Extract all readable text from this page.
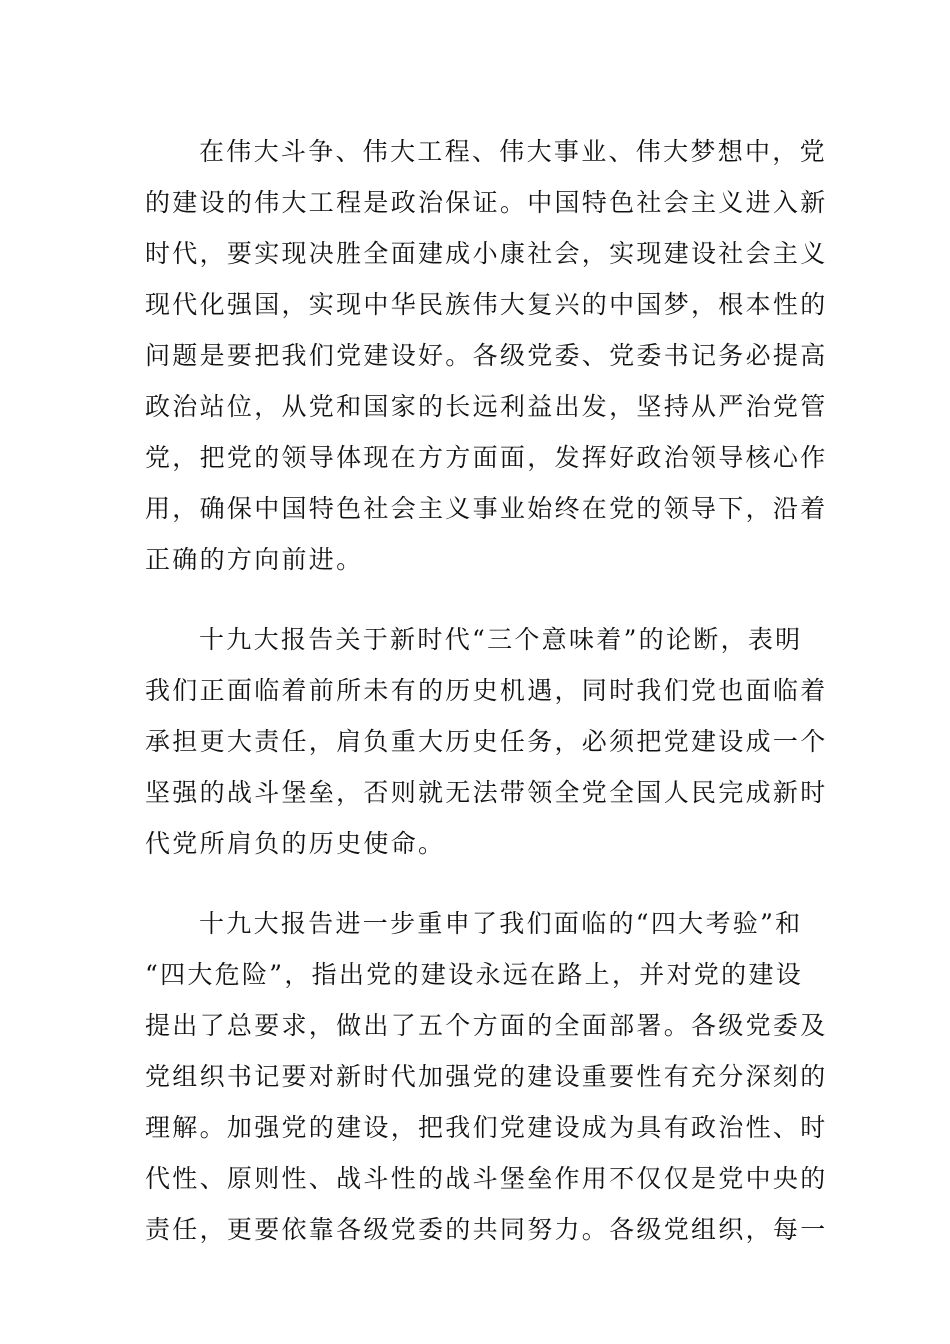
在伟大斗争、伟大工程、伟大事业、伟大梦想中，党
的建设的伟大工程是政治保证。中国特色社会主义进入新
时代，要实现决胜全面建成小康社会，实现建设社会主义
现代化强国，实现中华民族伟大复兴的中国梦，根本性的
问题是要把我们党建设好。各级党委、党委书记务必提高
政治站位，从党和国家的长远利益出发，坚持从严治党管
党，把党的领导体现在方方面面，发挥好政治领导核心作
用，确保中国特色社会主义事业始终在党的领导下，沿着
正确的方向前进。
十九大报告关于新时代“三个意味着”的论断，表明
我们正面临着前所未有的历史机遇，同时我们党也面临着
承担更大责任，肩负重大历史任务，必须把党建设成一个
坚强的战斗堡垒，否则就无法带领全党全国人民完成新时
代党所肩负的历史使命。
十九大报告进一步重申了我们面临的“四大考验”和
“四大危险”，指出党的建设永远在路上，并对党的建设
提出了总要求，做出了五个方面的全面部署。各级党委及
党组织书记要对新时代加强党的建设重要性有充分深刻的
理解。加强党的建设，把我们党建设成为具有政治性、时
代性、原则性、战斗性的战斗堡垒作用不仅仅是党中央的
责任，更要依靠各级党委的共同努力。各级党组织，每一
